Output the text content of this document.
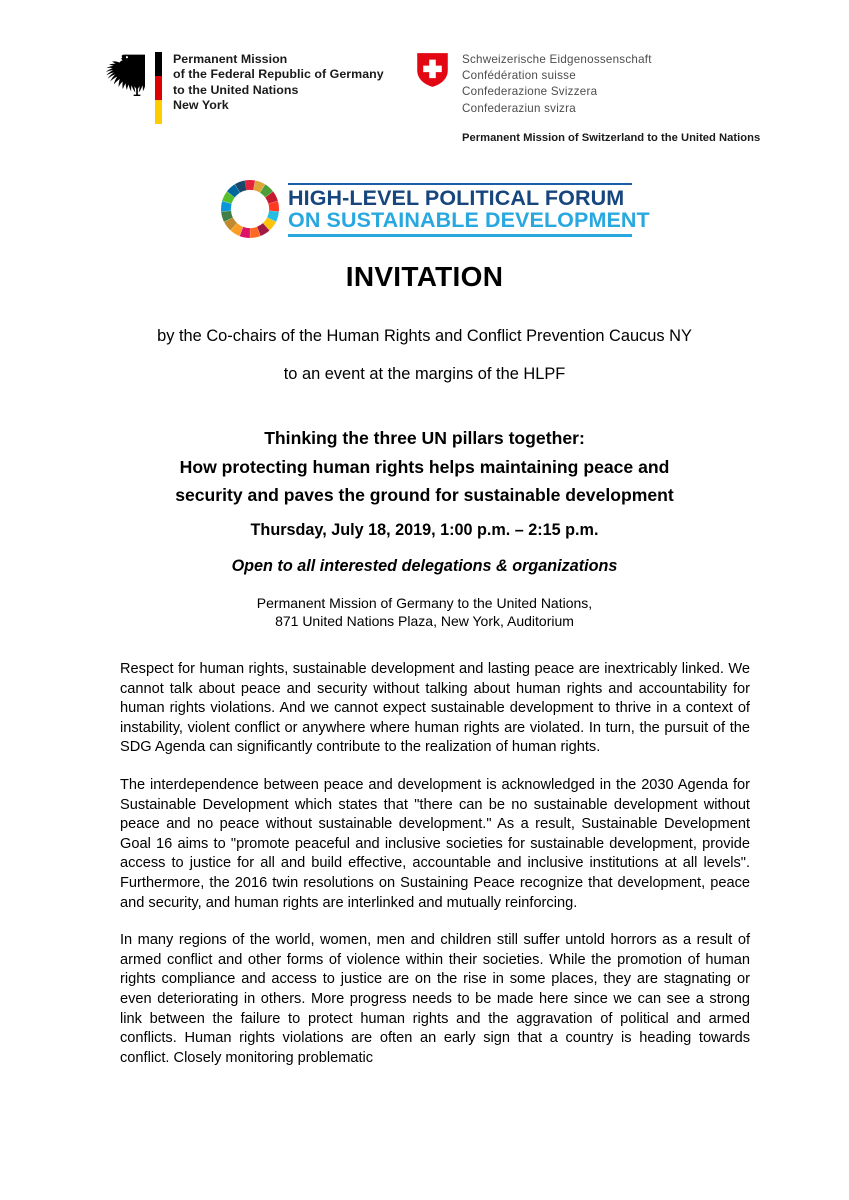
Permanent Mission
of the Federal Republic of Germany
to the United Nations
New York
Schweizerische Eidgenossenschaft
Confédération suisse
Confederazione Svizzera
Confederaziun svizra
Permanent Mission of Switzerland to the United Nations
HIGH-LEVEL POLITICAL FORUM
ON SUSTAINABLE DEVELOPMENT
INVITATION
by the Co-chairs of the Human Rights and Conflict Prevention Caucus NY
to an event at the margins of the HLPF
Thinking the three UN pillars together:
How protecting human rights helps maintaining peace and
security and paves the ground for sustainable development
Thursday, July 18, 2019, 1:00 p.m. – 2:15 p.m.
Open to all interested delegations & organizations
Permanent Mission of Germany to the United Nations,
871 United Nations Plaza, New York, Auditorium

Respect for human rights, sustainable development and lasting peace are inextricably linked. We cannot talk about peace and security without talking about human rights and accountability for human rights violations. And we cannot expect sustainable development to thrive in a context of instability, violent conflict or anywhere where human rights are violated. In turn, the pursuit of the SDG Agenda can significantly contribute to the realization of human rights.

The interdependence between peace and development is acknowledged in the 2030 Agenda for Sustainable Development which states that "there can be no sustainable development without peace and no peace without sustainable development." As a result, Sustainable Development Goal 16 aims to "promote peaceful and inclusive societies for sustainable development, provide access to justice for all and build effective, accountable and inclusive institutions at all levels". Furthermore, the 2016 twin resolutions on Sustaining Peace recognize that development, peace and security, and human rights are interlinked and mutually reinforcing.

In many regions of the world, women, men and children still suffer untold horrors as a result of armed conflict and other forms of violence within their societies. While the promotion of human rights compliance and access to justice are on the rise in some places, they are stagnating or even deteriorating in others. More progress needs to be made here since we can see a strong link between the failure to protect human rights and the aggravation of political and armed conflicts. Human rights violations are often an early sign that a country is heading towards conflict. Closely monitoring problematic
